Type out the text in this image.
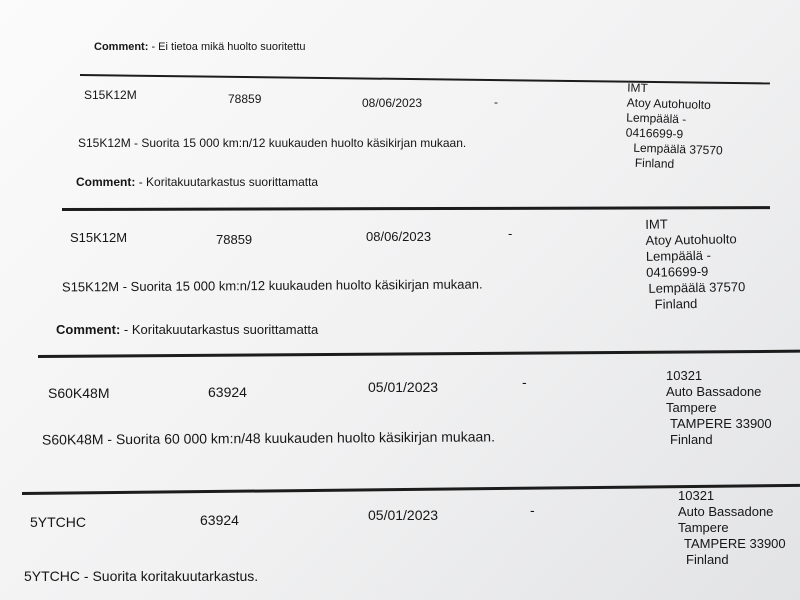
Comment: - Ei tietoa mikä huolto suoritettu
S15K12M	78859	08/06/2023	-
IMT
Atoy Autohuolto
Lempäälä -
0416699-9
Lempäälä 37570
Finland
S15K12M - Suorita 15 000 km:n/12 kuukauden huolto käsikirjan mukaan.
Comment: - Koritakuutarkastus suorittamatta
S15K12M	78859	08/06/2023	-
IMT
Atoy Autohuolto
Lempäälä -
0416699-9
Lempäälä 37570
Finland
S15K12M - Suorita 15 000 km:n/12 kuukauden huolto käsikirjan mukaan.
Comment: - Koritakuutarkastus suorittamatta
S60K48M	63924	05/01/2023	-	10321
Auto Bassadone
Tampere
TAMPERE 33900
Finland
S60K48M - Suorita 60 000 km:n/48 kuukauden huolto käsikirjan mukaan.
5YTCHC	63924	05/01/2023	-
10321
Auto Bassadone
Tampere
TAMPERE 33900
Finland
5YTCHC - Suorita koritakuutarkastus.
